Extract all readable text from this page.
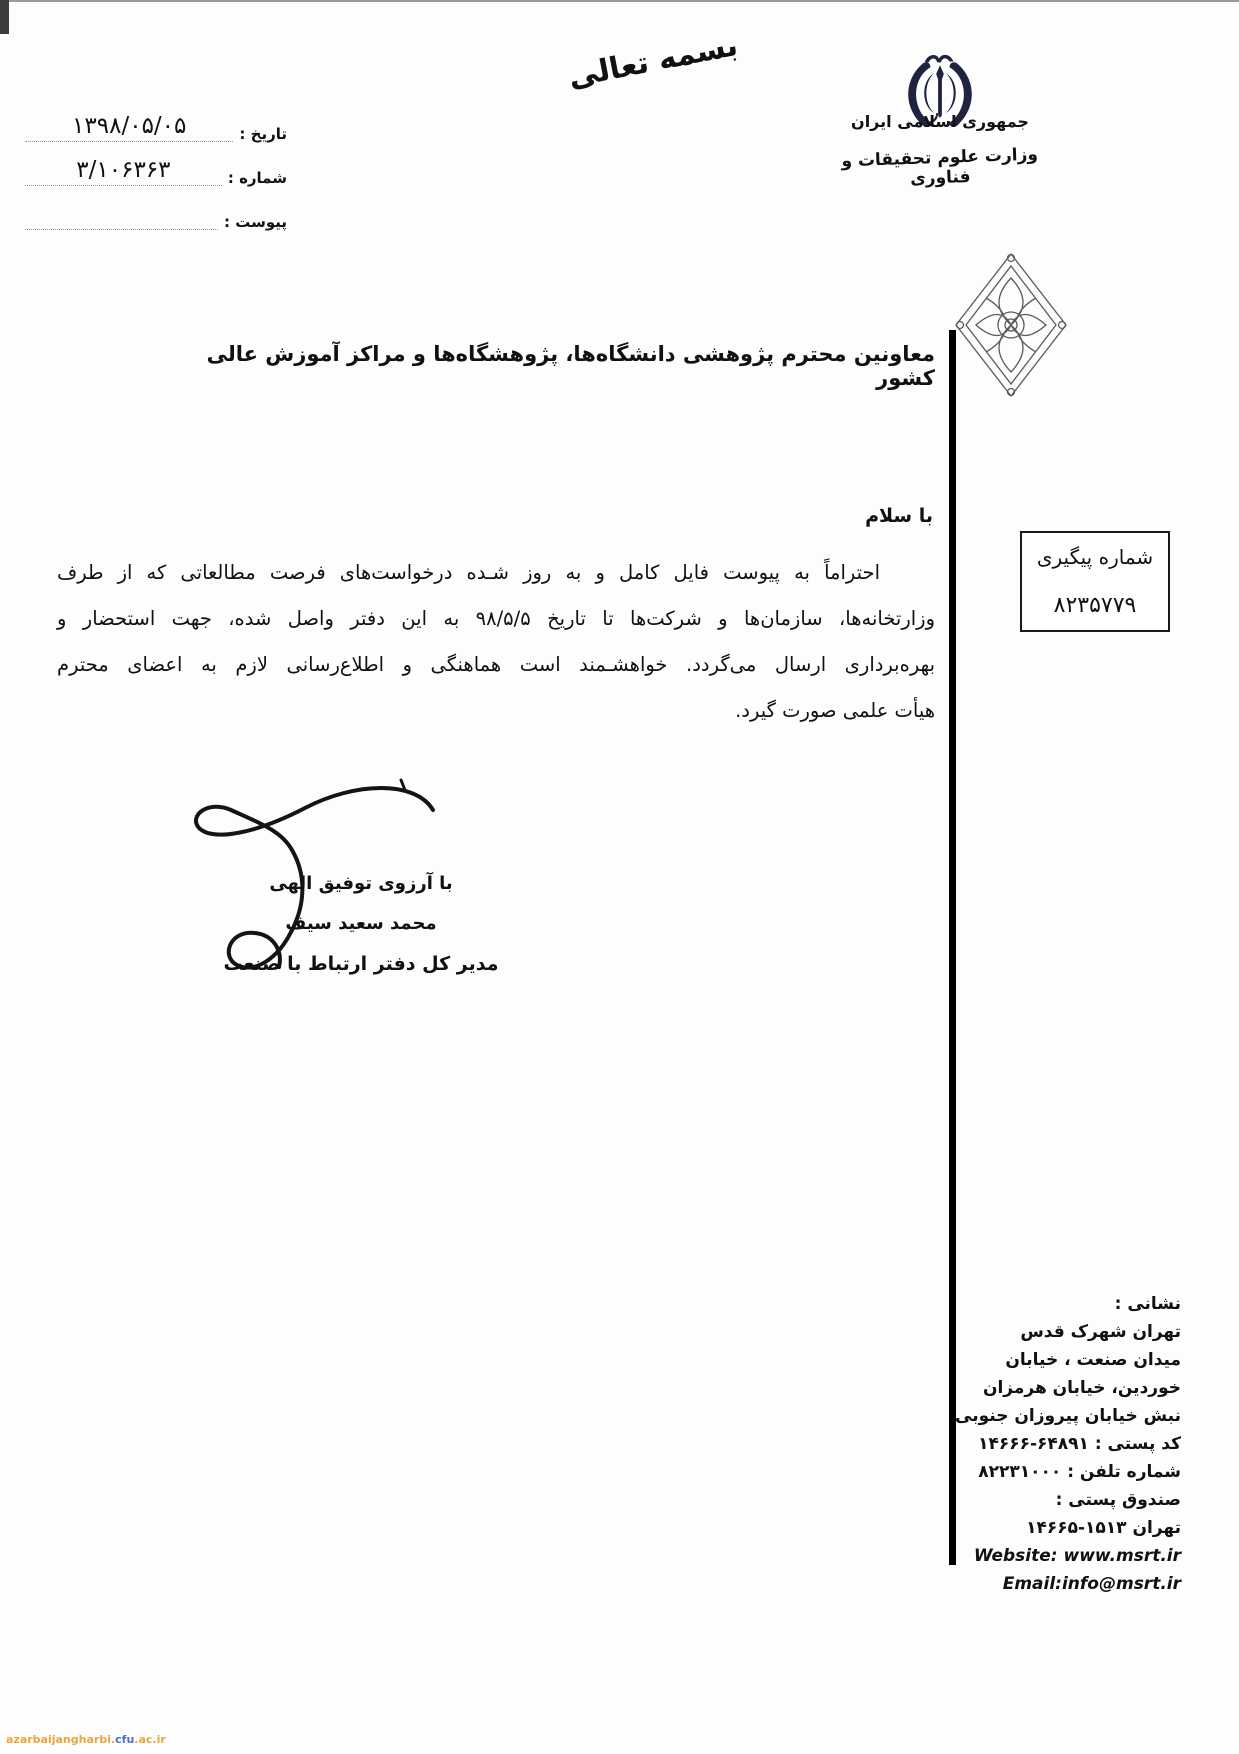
بسمه تعالی
جمهوری اسلامی ایران
وزارت علوم تحقیقات و فناوری
تاریخ :
۱۳۹۸/۰۵/۰۵
شماره :
۳/۱۰۶۳۶۳
پیوست :
معاونین محترم پژوهشی دانشگاه‌ها، پژوهشگاه‌ها و مراکز آموزش عالی کشور
با سلام
احتراماً به پیوست فایل کامل و به روز شـده درخواست‌های فرصت مطالعاتی که از طرف
وزارتخانه‌ها، سازمان‌ها و شرکت‌ها تا تاریخ ۹۸/۵/۵ به این دفتر واصل شده، جهت استحضار و
بهره‌برداری ارسال می‌گردد. خواهشـمند است هماهنگی و اطلاع‌رسانی لازم به اعضای محترم
هیأت علمی صورت گیرد.
شماره پیگیری
۸۲۳۵۷۷۹
با آرزوی توفیق الهی
محمد سعید سیف
مدیر کل دفتر ارتباط با صنعت
نشانی :
تهران شهرک قدس
میدان صنعت ، خیابان
خوردین، خیابان هرمزان
نبش خیابان پیروزان جنوبی
کد پستی : ۱۴۶۶۶-۶۴۸۹۱
شماره تلفن : ۸۲۲۳۱۰۰۰
صندوق پستی :
تهران ۱۵۱۳-۱۴۶۶۵
Website: www.msrt.ir
Email:info@msrt.ir
azarbaijangharbi.cfu.ac.ir
